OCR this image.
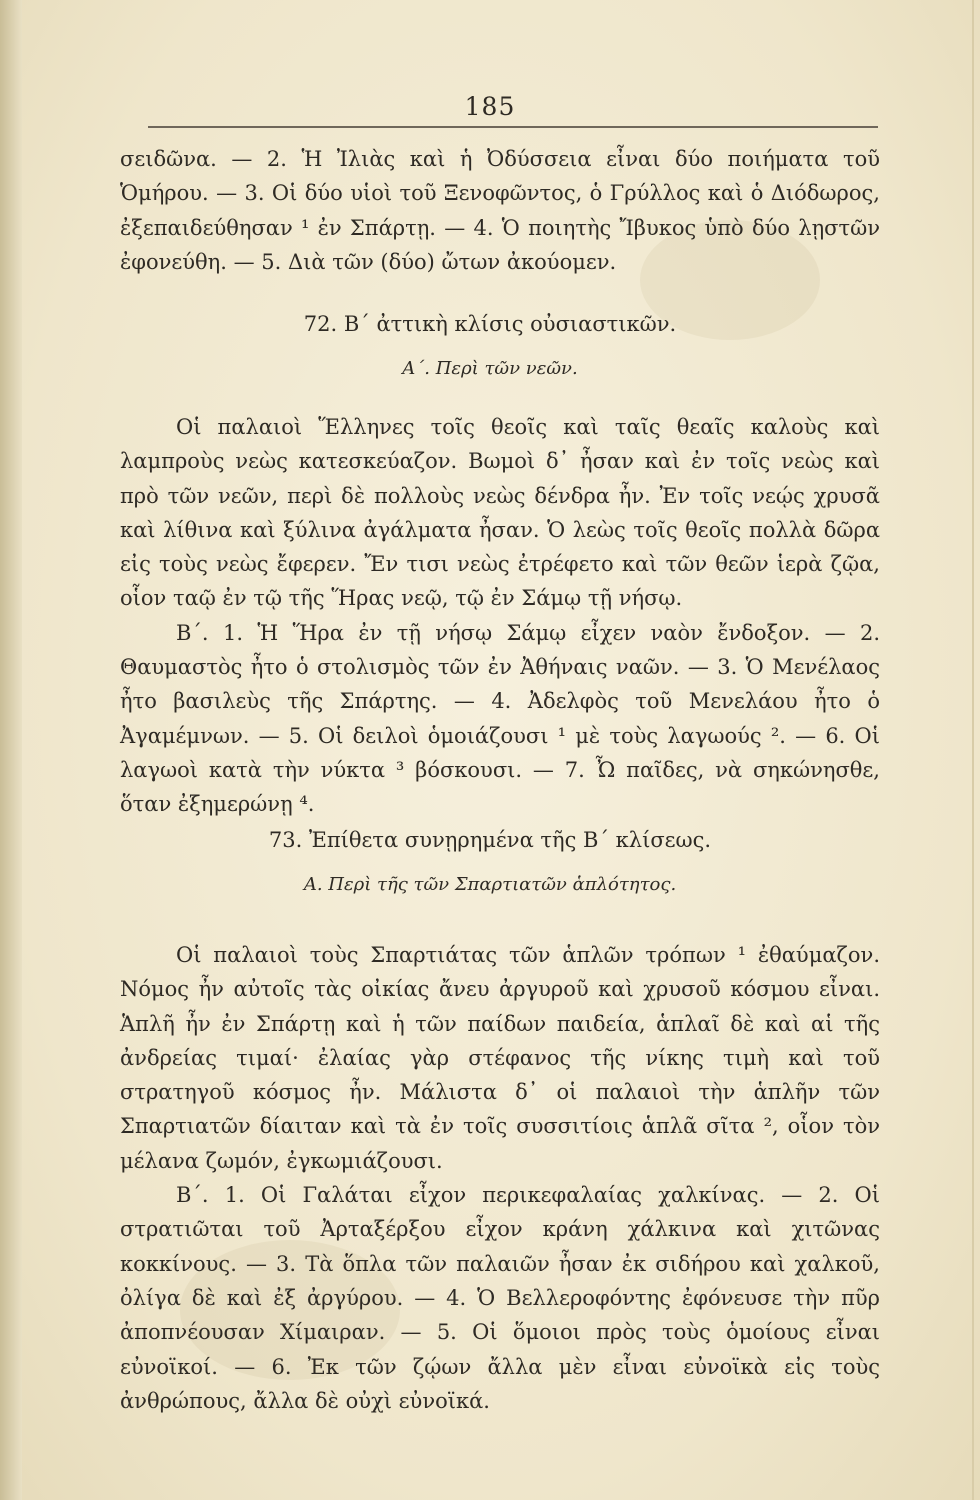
185

σειδῶνα. — 2. Ἡ Ἰλιὰς καὶ ἡ Ὀδύσσεια εἶναι δύο ποιήματα τοῦ Ὁμήρου. — 3. Οἱ δύο υἱοὶ τοῦ Ξενοφῶντος, ὁ Γρύλλος καὶ ὁ Διόδωρος, ἐξεπαιδεύθησαν ¹ ἐν Σπάρτῃ. — 4. Ὁ ποιητὴς Ἴβυκος ὑπὸ δύο λῃστῶν ἐφονεύθη. — 5. Διὰ τῶν (δύο) ὤτων ἀκούομεν.

72. Β΄ ἀττικὴ κλίσις οὐσιαστικῶν.
Α΄. Περὶ τῶν νεῶν.

Οἱ παλαιοὶ Ἕλληνες τοῖς θεοῖς καὶ ταῖς θεαῖς καλοὺς καὶ λαμπροὺς νεὼς κατεσκεύαζον. Βωμοὶ δ᾽ ἦσαν καὶ ἐν τοῖς νεὼς καὶ πρὸ τῶν νεῶν, περὶ δὲ πολλοὺς νεὼς δένδρα ἦν. Ἐν τοῖς νεῴς χρυσᾶ καὶ λίθινα καὶ ξύλινα ἀγάλματα ἦσαν. Ὁ λεὼς τοῖς θεοῖς πολλὰ δῶρα εἰς τοὺς νεὼς ἔφερεν. Ἔν τισι νεὼς ἐτρέφετο καὶ τῶν θεῶν ἱερὰ ζῷα, οἷον ταῷ ἐν τῷ τῆς Ἥρας νεῷ, τῷ ἐν Σάμῳ τῇ νήσῳ.

Β΄. 1. Ἡ Ἥρα ἐν τῇ νήσῳ Σάμῳ εἶχεν ναὸν ἔνδοξον. — 2. Θαυμαστὸς ἦτο ὁ στολισμὸς τῶν ἐν Ἀθήναις ναῶν. — 3. Ὁ Μενέλαος ἦτο βασιλεὺς τῆς Σπάρτης. — 4. Ἀδελφὸς τοῦ Μενελάου ἦτο ὁ Ἀγαμέμνων. — 5. Οἱ δειλοὶ ὁμοιάζουσι ¹ μὲ τοὺς λαγωούς ². — 6. Οἱ λαγωοὶ κατὰ τὴν νύκτα ³ βόσκουσι. — 7. Ὦ παῖδες, νὰ σηκώνησθε, ὅταν ἐξημερώνῃ ⁴.

73. Ἐπίθετα συνῃρημένα τῆς Β΄ κλίσεως.
Α. Περὶ τῆς τῶν Σπαρτιατῶν ἁπλότητος.

Οἱ παλαιοὶ τοὺς Σπαρτιάτας τῶν ἁπλῶν τρόπων ¹ ἐθαύμαζον. Νόμος ἦν αὐτοῖς τὰς οἰκίας ἄνευ ἀργυροῦ καὶ χρυσοῦ κόσμου εἶναι. Ἁπλῆ ἦν ἐν Σπάρτῃ καὶ ἡ τῶν παίδων παιδεία, ἁπλαῖ δὲ καὶ αἱ τῆς ἀνδρείας τιμαί· ἐλαίας γὰρ στέφανος τῆς νίκης τιμὴ καὶ τοῦ στρατηγοῦ κόσμος ἦν. Μάλιστα δ᾽ οἱ παλαιοὶ τὴν ἁπλῆν τῶν Σπαρτιατῶν δίαιταν καὶ τὰ ἐν τοῖς συσσιτίοις ἁπλᾶ σῖτα ², οἷον τὸν μέλανα ζωμόν, ἐγκωμιάζουσι.

Β΄. 1. Οἱ Γαλάται εἶχον περικεφαλαίας χαλκίνας. — 2. Οἱ στρατιῶται τοῦ Ἀρταξέρξου εἶχον κράνη χάλκινα καὶ χιτῶνας κοκκίνους. — 3. Τὰ ὅπλα τῶν παλαιῶν ἦσαν ἐκ σιδήρου καὶ χαλκοῦ, ὀλίγα δὲ καὶ ἐξ ἀργύρου. — 4. Ὁ Βελλεροφόντης ἐφόνευσε τὴν πῦρ ἀποπνέουσαν Χίμαιραν. — 5. Οἱ ὅμοιοι πρὸς τοὺς ὁμοίους εἶναι εὐνοϊκοί. — 6. Ἐκ τῶν ζῴων ἄλλα μὲν εἶναι εὐνοϊκὰ εἰς τοὺς ἀνθρώπους, ἄλλα δὲ οὐχὶ εὐνοϊκά.
